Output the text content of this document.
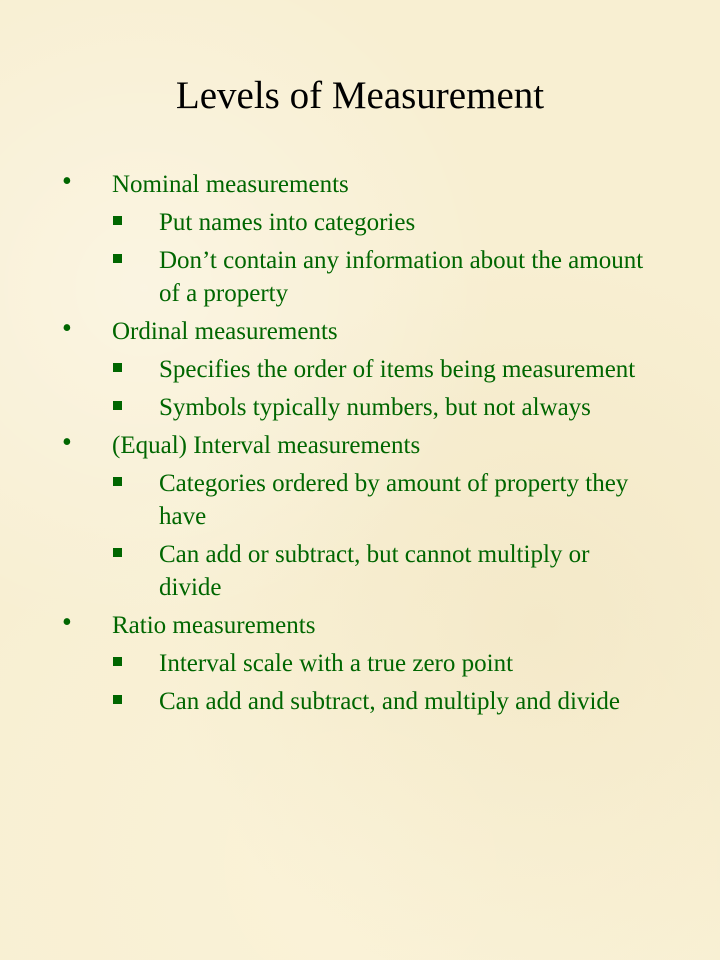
Levels of Measurement
• Nominal measurements
Put names into categories
Don’t contain any information about the amount of a property
• Ordinal measurements
Specifies the order of items being measurement
Symbols typically numbers, but not always
• (Equal) Interval measurements
Categories ordered by amount of property they have
Can add or subtract, but cannot multiply or divide
• Ratio measurements
Interval scale with a true zero point
Can add and subtract, and multiply and divide
